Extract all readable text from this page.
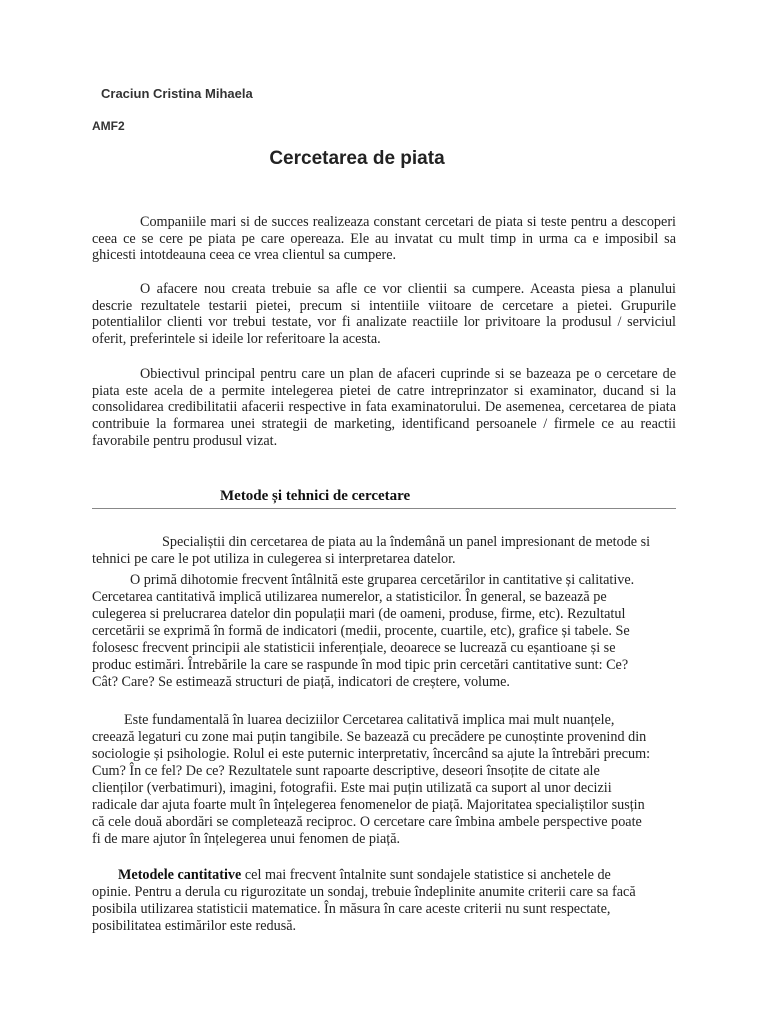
Craciun Cristina Mihaela
AMF2
Cercetarea de piata

Companiile mari si de succes realizeaza constant cercetari de piata si teste pentru a descoperi ceea ce se cere pe piata pe care opereaza. Ele au invatat cu mult timp in urma ca e imposibil sa ghicesti intotdeauna ceea ce vrea clientul sa cumpere.

O afacere nou creata trebuie sa afle ce vor clientii sa cumpere. Aceasta piesa a planului descrie rezultatele testarii pietei, precum si intentiile viitoare de cercetare a pietei. Grupurile potentialilor clienti vor trebui testate, vor fi analizate reactiile lor privitoare la produsul / serviciul oferit, preferintele si ideile lor referitoare la acesta.

Obiectivul principal pentru care un plan de afaceri cuprinde si se bazeaza pe o cercetare de piata este acela de a permite intelegerea pietei de catre intreprinzator si examinator, ducand si la consolidarea credibilitatii afacerii respective in fata examinatorului. De asemenea, cercetarea de piata contribuie la formarea unei strategii de marketing, identificand persoanele / firmele ce au reactii favorabile pentru produsul vizat.

Metode și tehnici de cercetare

Specialiștii din cercetarea de piata au la îndemână un panel impresionant de metode si tehnici pe care le pot utiliza in culegerea si interpretarea datelor.

O primă dihotomie frecvent întâlnită este gruparea cercetărilor in cantitative și calitative. Cercetarea cantitativă implică utilizarea numerelor, a statisticilor. În general, se bazează pe culegerea si prelucrarea datelor din populații mari (de oameni, produse, firme, etc). Rezultatul cercetării se exprimă în formă de indicatori (medii, procente, cuartile, etc), grafice și tabele. Se folosesc frecvent principii ale statisticii inferențiale, deoarece se lucrează cu eșantioane și se produc estimări. Întrebările la care se raspunde în mod tipic prin cercetări cantitative sunt: Ce? Cât? Care? Se estimează structuri de piață, indicatori de creștere, volume.

Este fundamentală în luarea deciziilor Cercetarea calitativă implica mai mult nuanțele, creează legaturi cu zone mai puțin tangibile. Se bazează cu precădere pe cunoștinte provenind din sociologie și psihologie. Rolul ei este puternic interpretativ, încercând sa ajute la întrebări precum: Cum? În ce fel? De ce? Rezultatele sunt rapoarte descriptive, deseori însoțite de citate ale clienților (verbatimuri), imagini, fotografii. Este mai puțin utilizată ca suport al unor decizii radicale dar ajuta foarte mult în înțelegerea fenomenelor de piață. Majoritatea specialiștilor susțin că cele două abordări se completează reciproc. O cercetare care îmbina ambele perspective poate fi de mare ajutor în înțelegerea unui fenomen de piață.

Metodele cantitative cel mai frecvent întalnite sunt sondajele statistice si anchetele de opinie. Pentru a derula cu rigurozitate un sondaj, trebuie îndeplinite anumite criterii care sa facă posibila utilizarea statisticii matematice. În măsura în care aceste criterii nu sunt respectate, posibilitatea estimărilor este redusă.
